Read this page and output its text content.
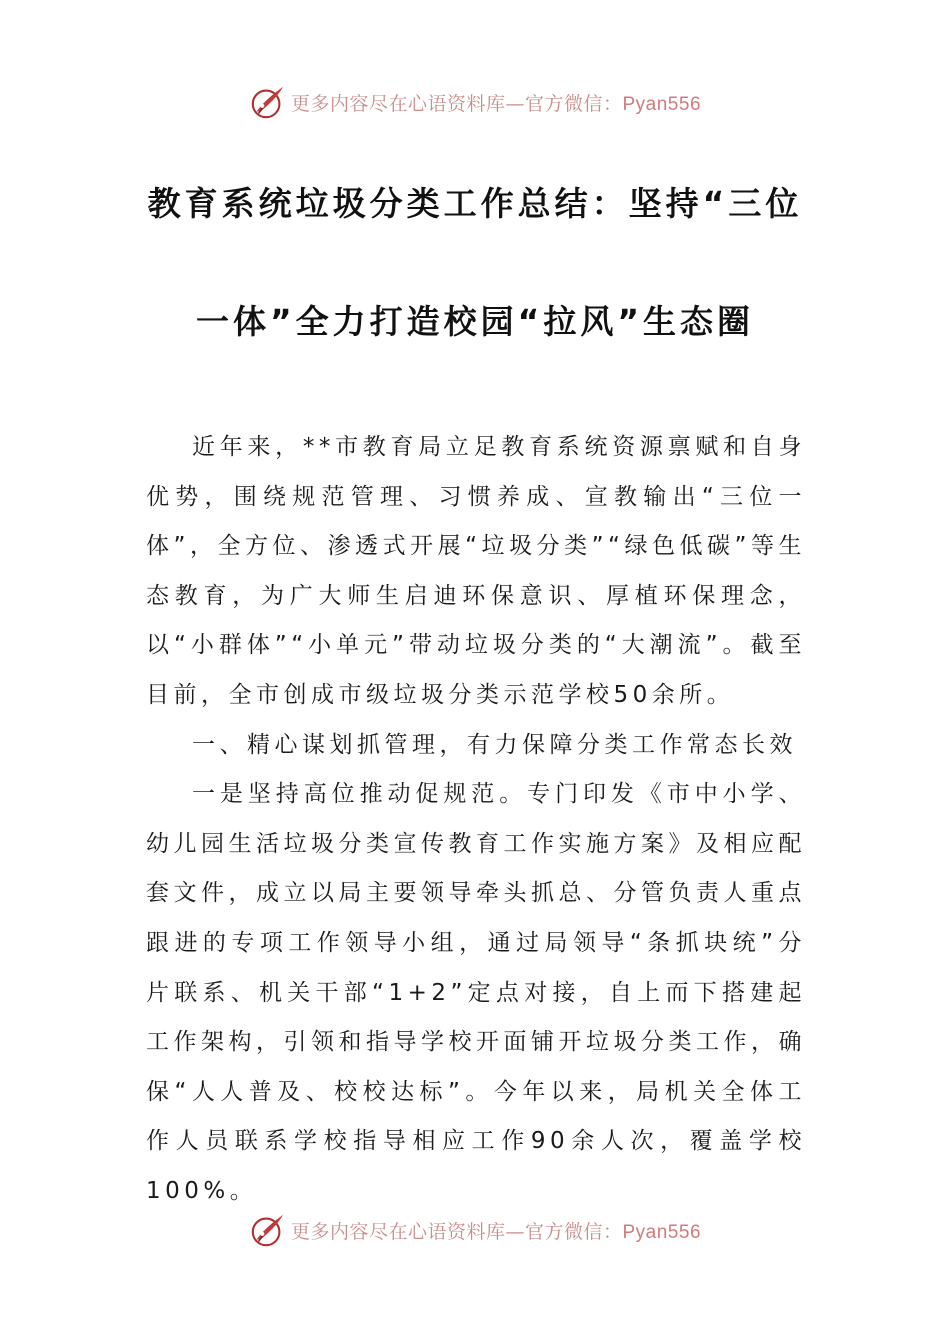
更多内容尽在心语资料库—官方微信：Pyan556
教育系统垃圾分类工作总结：坚持“三位
一体”全力打造校园“拉风”生态圈

近年来，**市教育局立足教育系统资源禀赋和自身优势，围绕规范管理、习惯养成、宣教输出“三位一体”，全方位、渗透式开展“垃圾分类”“绿色低碳”等生态教育，为广大师生启迪环保意识、厚植环保理念，以“小群体”“小单元”带动垃圾分类的“大潮流”。截至目前，全市创成市级垃圾分类示范学校50余所。

一、精心谋划抓管理，有力保障分类工作常态长效

一是坚持高位推动促规范。专门印发《市中小学、幼儿园生活垃圾分类宣传教育工作实施方案》及相应配套文件，成立以局主要领导牵头抓总、分管负责人重点跟进的专项工作领导小组，通过局领导“条抓块统”分片联系、机关干部“1+2”定点对接，自上而下搭建起工作架构，引领和指导学校开面铺开垃圾分类工作，确保“人人普及、校校达标”。今年以来，局机关全体工作人员联系学校指导相应工作90余人次，覆盖学校100%。

更多内容尽在心语资料库—官方微信：Pyan556
